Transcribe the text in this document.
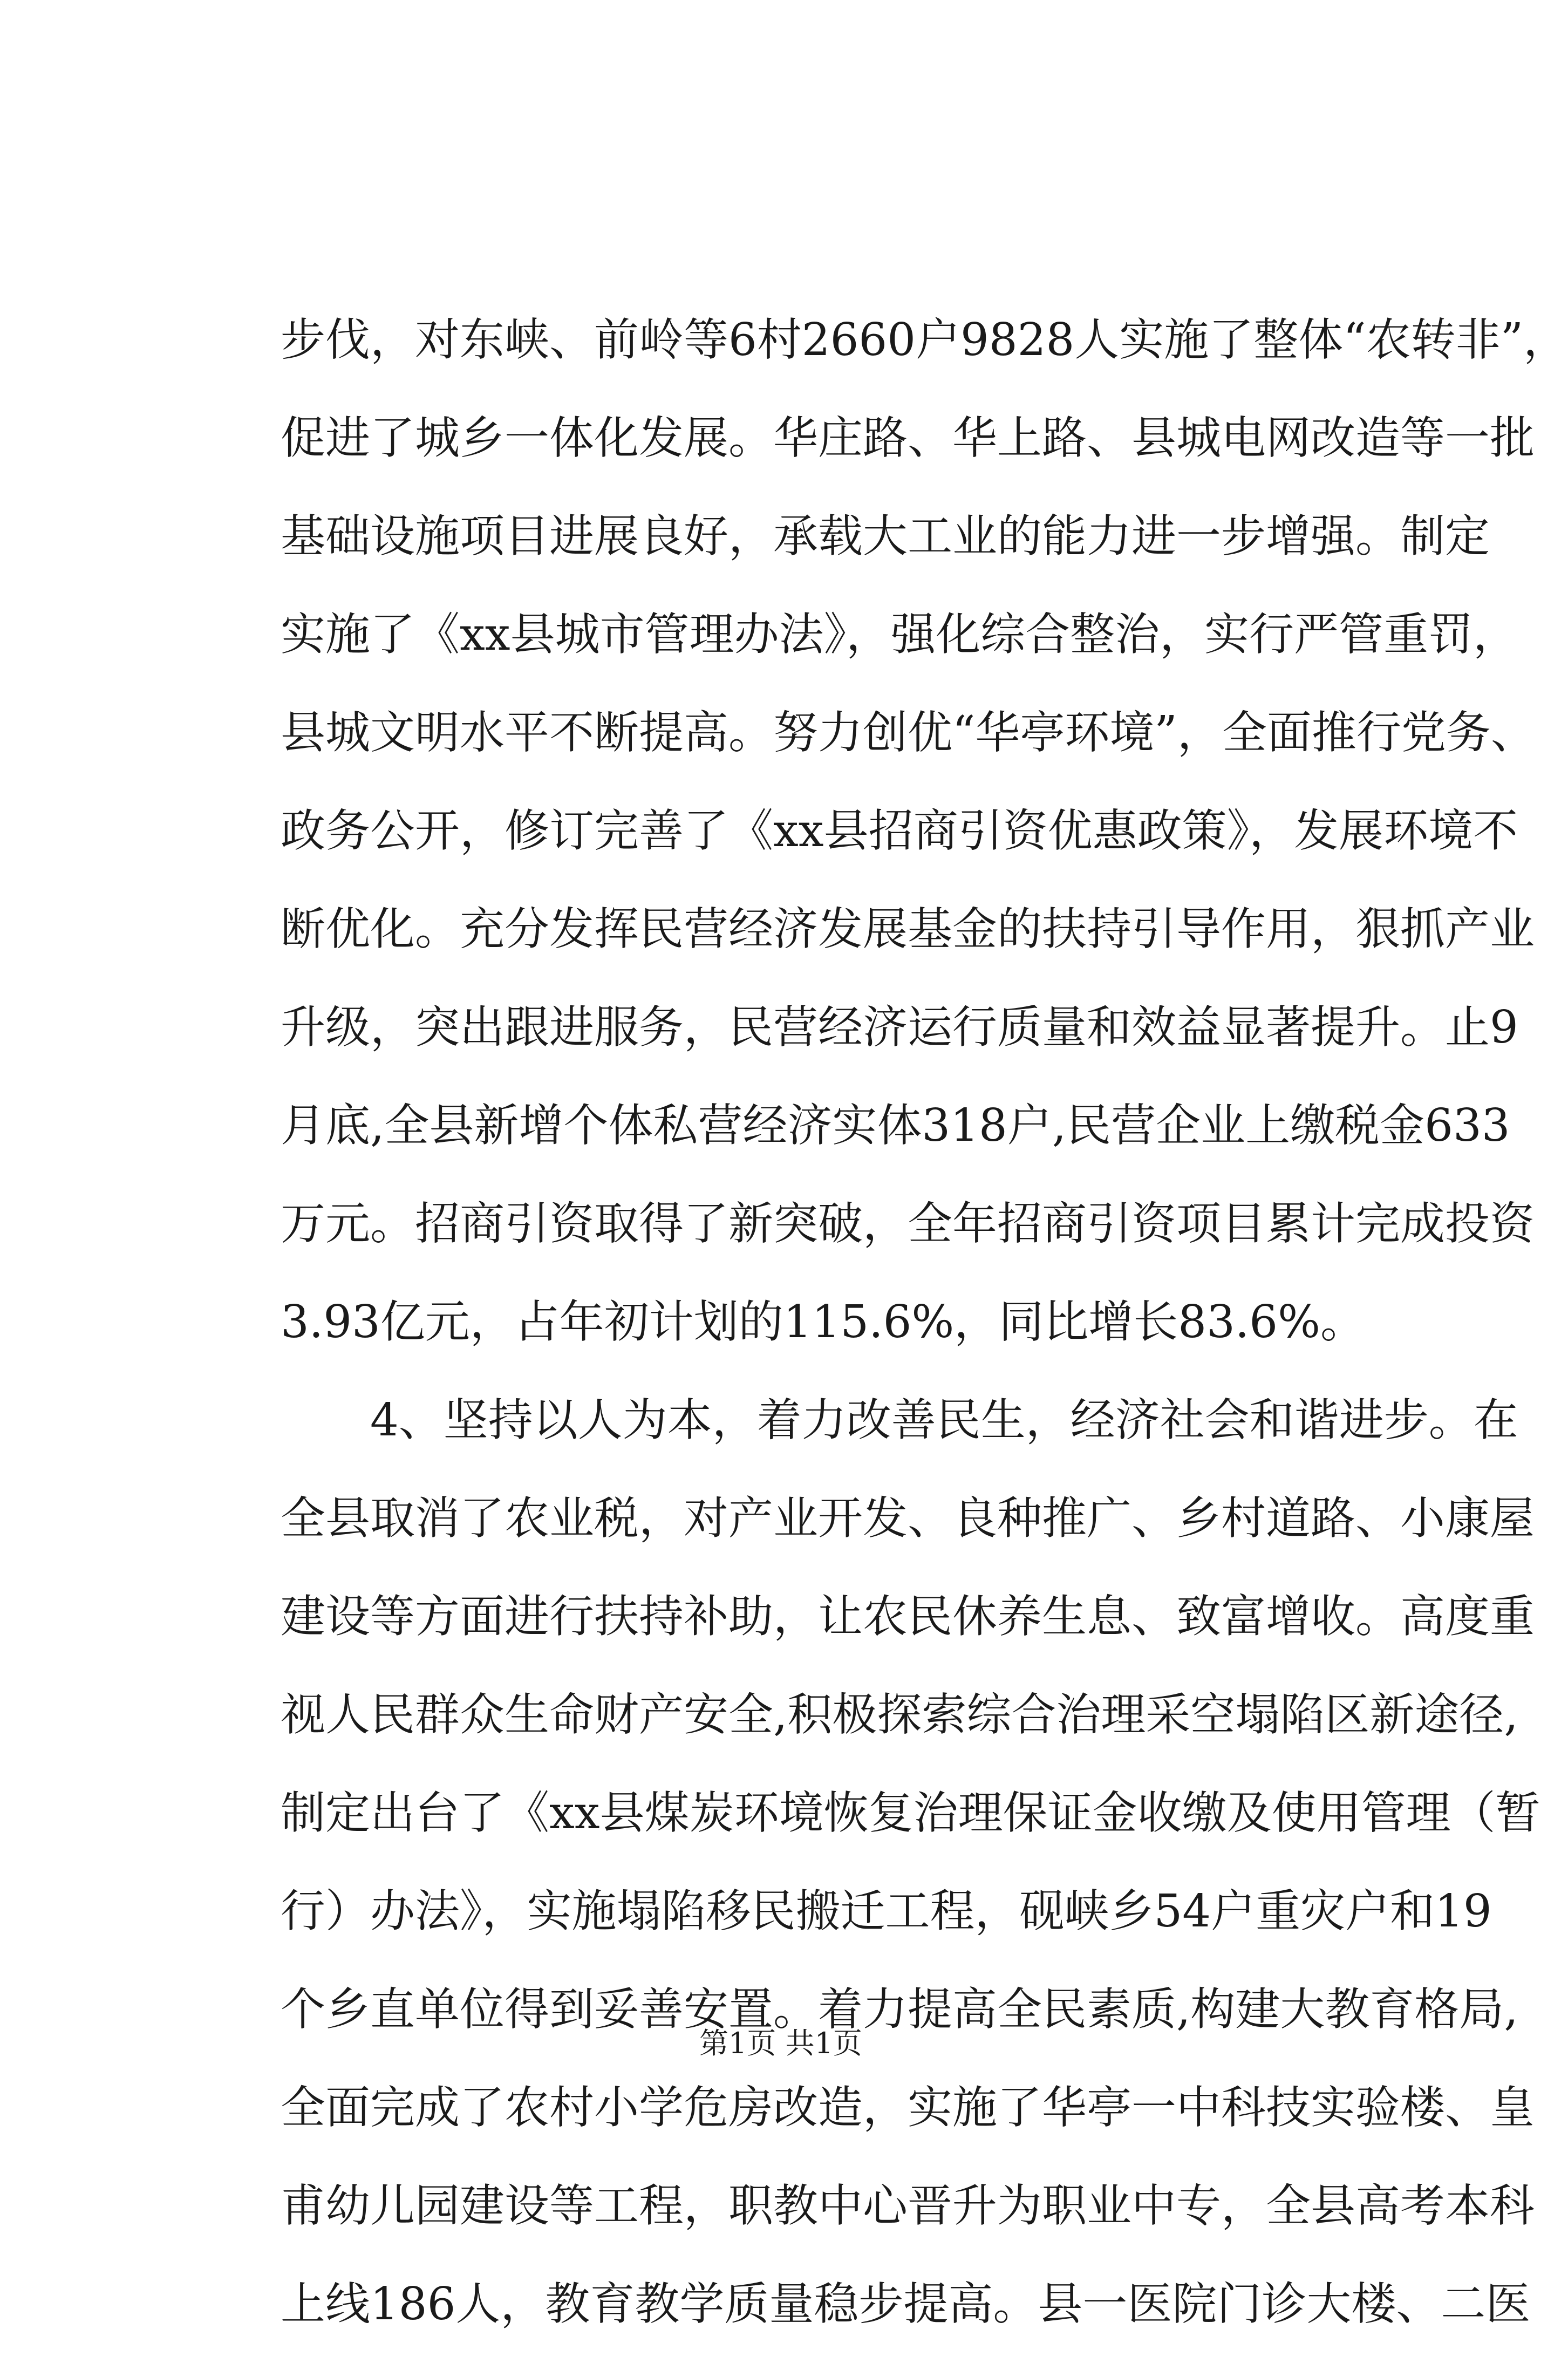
步伐，对东峡、前岭等6村2660户9828人实施了整体“农转非”，
促进了城乡一体化发展。华庄路、华上路、县城电网改造等一批
基础设施项目进展良好，承载大工业的能力进一步增强。制定
实施了《xx县城市管理办法》，强化综合整治，实行严管重罚，
县城文明水平不断提高。努力创优“华亭环境”，全面推行党务、
政务公开，修订完善了《xx县招商引资优惠政策》，发展环境不
断优化。充分发挥民营经济发展基金的扶持引导作用，狠抓产业
升级，突出跟进服务，民营经济运行质量和效益显著提升。止9
月底,全县新增个体私营经济实体318户,民营企业上缴税金633
万元。招商引资取得了新突破，全年招商引资项目累计完成投资
3.93亿元，占年初计划的115.6%，同比增长83.6%。
4、坚持以人为本，着力改善民生，经济社会和谐进步。在
全县取消了农业税，对产业开发、良种推广、乡村道路、小康屋
建设等方面进行扶持补助，让农民休养生息、致富增收。高度重
视人民群众生命财产安全,积极探索综合治理采空塌陷区新途径,
制定出台了《xx县煤炭环境恢复治理保证金收缴及使用管理（暂
行）办法》，实施塌陷移民搬迁工程，砚峡乡54户重灾户和19
个乡直单位得到妥善安置。着力提高全民素质,构建大教育格局,
全面完成了农村小学危房改造，实施了华亭一中科技实验楼、皇
甫幼儿园建设等工程，职教中心晋升为职业中专，全县高考本科
上线186人，教育教学质量稳步提高。县一医院门诊大楼、二医
第1页 共1页
